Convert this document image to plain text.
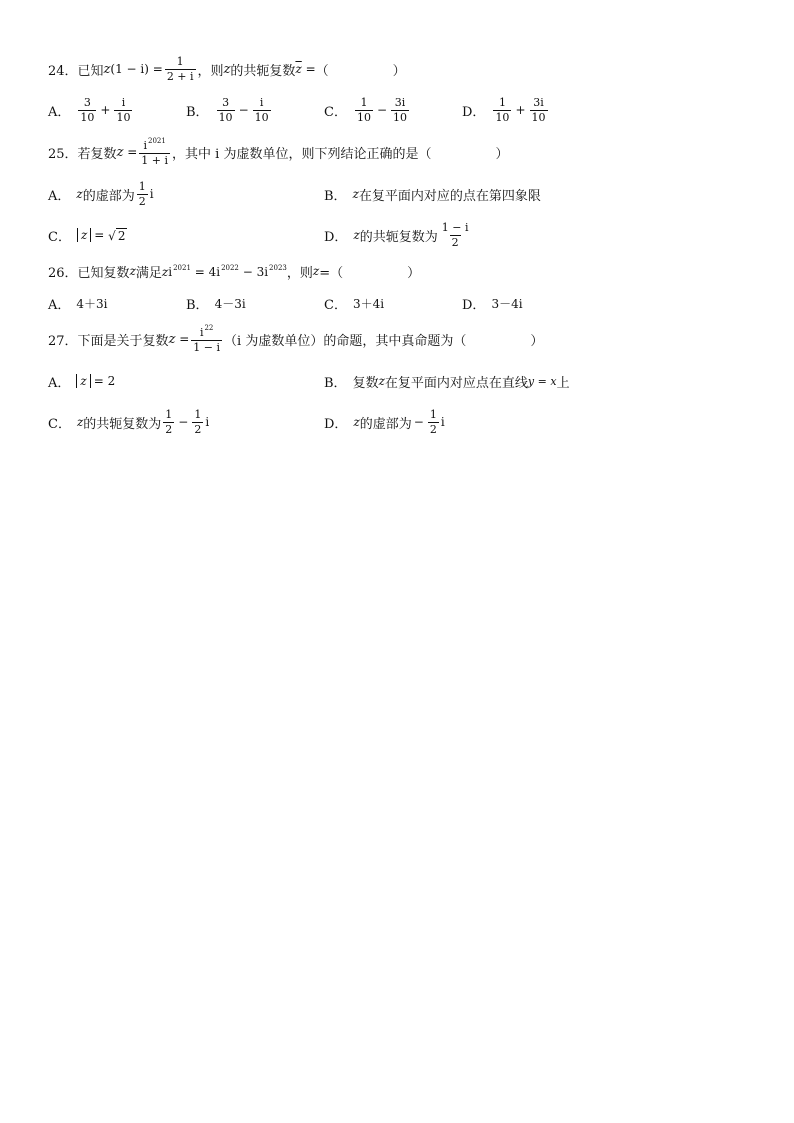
24． 已知 z $(1 - i) = \frac{1}{2 + i}$ ，则 z 的共轭复数 $\overline{z}$ = （	）
A． $\frac{3}{10} + \frac{i}{10}$	B． $\frac{3}{10} - \frac{i}{10}$	C． $\frac{1}{10} - \frac{3i}{10}$	D． $\frac{1}{10} + \frac{3i}{10}$
25． 若复数 $z = \frac{i^{2021}}{1 + i}$ ，其中 i 为虚数单位，则下列结论正确的是（	）
A． z 的虚部为 $\frac{1}{2}$ i	B． z 在复平面内对应的点在第四象限
C． z = √ 2	D． z 的共轭复数为 $\frac{1 - i}{2}$
26． 已知复数 z 满足 $zi^{2021} = 4i^{2022} - 3i^{2023}$ ，则 z =（	）
A． 4＋3i	B． 4－3i	C． 3＋4i	D． 3－4i
27． 下面是关于复数 $z = \frac{i^{22}}{1 - i} (i$ 为虚数单位）的命题，其中真命题为（	）
A． z = 2	B． 复数 z 在复平面内对应点在直线 y = x 上
C． z 的共轭复数为 $\frac{1}{2} - \frac{1}{2}$ i	D． z 的虚部为 − $\frac{1}{2}$ i
